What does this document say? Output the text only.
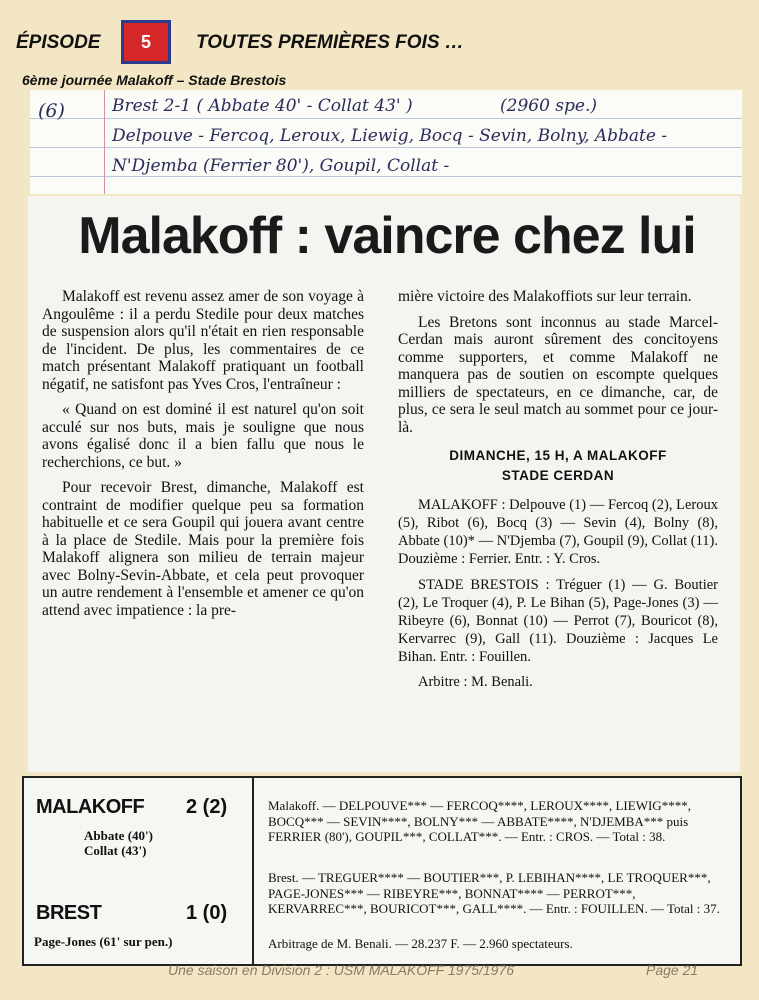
ÉPISODE	5	TOUTES PREMIÈRES FOIS …
6ème journée Malakoff – Stade Brestois
(6)	Brest 2-1 ( Abbate 40' - Collat 43' )	(2960 spe.)
Delpouve - Fercoq, Leroux, Liewig, Bocq - Sevin, Bolny, Abbate -
N'Djemba (Ferrier 80'), Goupil, Collat -
Malakoff : vaincre chez lui

Malakoff est revenu assez amer de son voyage à Angoulême : il a perdu Stedile pour deux matches de suspension alors qu'il n'était en rien responsable de l'incident. De plus, les commentaires de ce match présentant Malakoff pratiquant un football négatif, ne satisfont pas Yves Cros, l'entraîneur :

« Quand on est dominé il est naturel qu'on soit acculé sur nos buts, mais je souligne que nous avons égalisé donc il a bien fallu que nous le recherchions, ce but. »

Pour recevoir Brest, dimanche, Malakoff est contraint de modifier quelque peu sa formation habituelle et ce sera Goupil qui jouera avant centre à la place de Stedile. Mais pour la première fois Malakoff alignera son milieu de terrain majeur avec Bolny-Sevin-Abbate, et cela peut provoquer un autre rendement à l'ensemble et amener ce qu'on attend avec impatience : la pre-

mière victoire des Malakoffiots sur leur terrain.

Les Bretons sont inconnus au stade Marcel-Cerdan mais auront sûrement des concitoyens comme supporters, et comme Malakoff ne manquera pas de soutien on escompte quelques milliers de spectateurs, en ce dimanche, car, de plus, ce sera le seul match au sommet pour ce jour-là.

DIMANCHE, 15 H, A MALAKOFF
STADE CERDAN

MALAKOFF : Delpouve (1) — Fercoq (2), Leroux (5), Ribot (6), Bocq (3) — Sevin (4), Bolny (8), Abbate (10)* — N'Djemba (7), Goupil (9), Collat (11). Douzième : Ferrier. Entr. : Y. Cros.

STADE BRESTOIS : Tréguer (1) — G. Boutier (2), Le Troquer (4), P. Le Bihan (5), Page-Jones (3) — Ribeyre (6), Bonnat (10) — Perrot (7), Bouricot (8), Kervarrec (9), Gall (11). Douzième : Jacques Le Bihan. Entr. : Fouillen.

Arbitre : M. Benali.

MALAKOFF 2 (2)
Abbate (40')
Collat (43')
BREST	1 (0)
Page-Jones (61' sur pen.)

Malakoff. — DELPOUVE*** — FERCOQ****, LEROUX****, LIEWIG****, BOCQ*** — SEVIN****, BOLNY*** — ABBATE****, N'DJEMBA*** puis FERRIER (80'), GOUPIL***, COLLAT***. — Entr. : CROS. — Total : 38.

Brest. — TREGUER**** — BOUTIER***, P. LEBIHAN****, LE TROQUER***, PAGE-JONES*** — RIBEYRE***, BONNAT**** — PERROT***, KERVARREC***, BOURICOT***, GALL****. — Entr. : FOUILLEN. — Total : 37.

Arbitrage de M. Benali. — 28.237 F. — 2.960 spectateurs.

Une saison en Division 2 : USM MALAKOFF 1975/1976	Page 21
